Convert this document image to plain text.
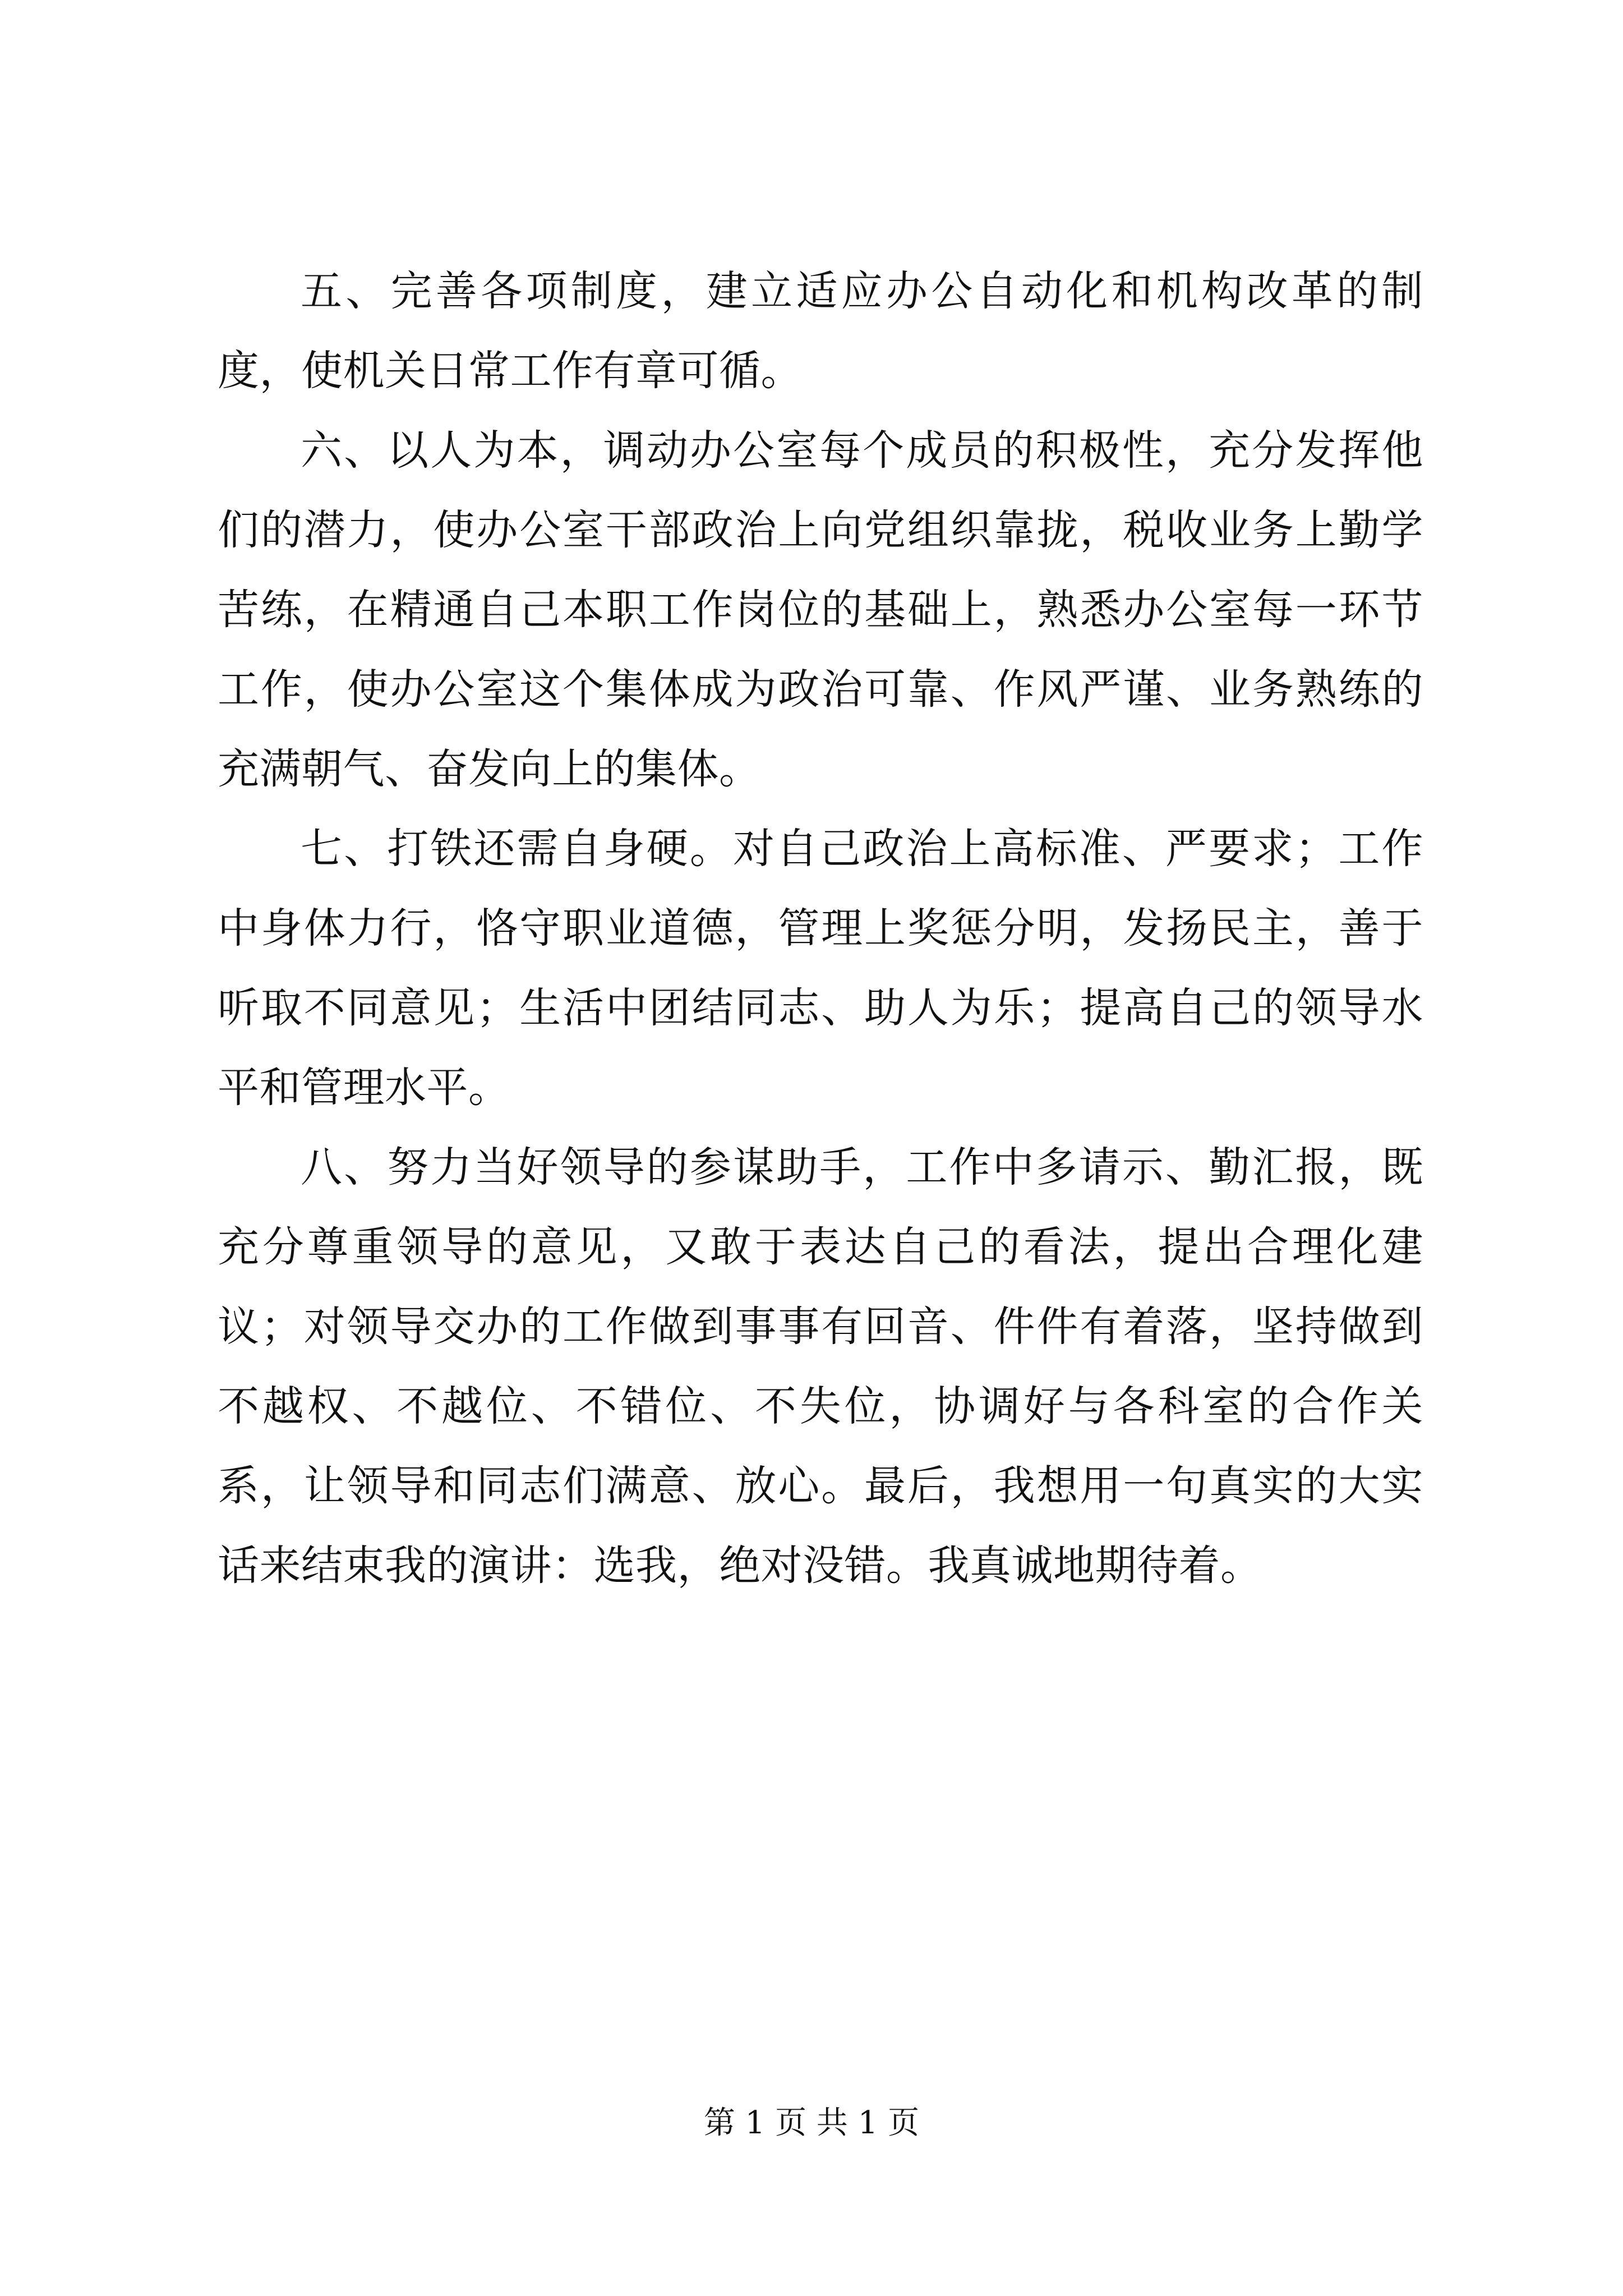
五、完善各项制度，建立适应办公自动化和机构改革的制度，使机关日常工作有章可循。

六、以人为本，调动办公室每个成员的积极性，充分发挥他们的潜力，使办公室干部政治上向党组织靠拢，税收业务上勤学苦练，在精通自己本职工作岗位的基础上，熟悉办公室每一环节工作，使办公室这个集体成为政治可靠、作风严谨、业务熟练的充满朝气、奋发向上的集体。

七、打铁还需自身硬。对自己政治上高标准、严要求；工作中身体力行，恪守职业道德，管理上奖惩分明，发扬民主，善于听取不同意见；生活中团结同志、助人为乐；提高自己的领导水平和管理水平。

八、努力当好领导的参谋助手，工作中多请示、勤汇报，既充分尊重领导的意见，又敢于表达自己的看法，提出合理化建议；对领导交办的工作做到事事有回音、件件有着落，坚持做到不越权、不越位、不错位、不失位，协调好与各科室的合作关系，让领导和同志们满意、放心。最后，我想用一句真实的大实话来结束我的演讲：选我，绝对没错。我真诚地期待着。

第 1 页 共 1 页
